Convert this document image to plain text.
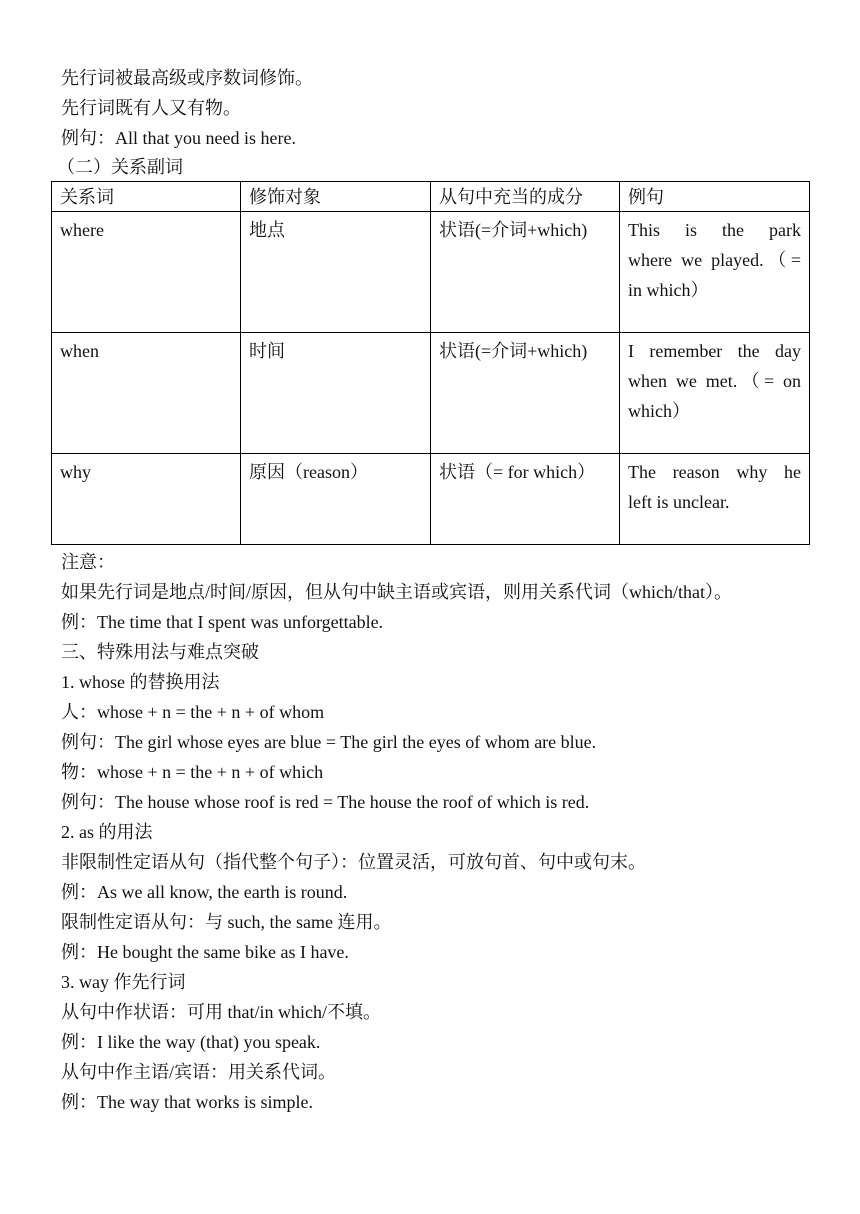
先行词被最高级或序数词修饰。
先行词既有人又有物。
例句：All that you need is here.
（二）关系副词
关系词	修饰对象	从句中充当的成分	例句
where	地点	状语(=介词+which)	This is the park
where we played.（= in which）

when	时间	状语(=介词+which)	I remember the day
when we met.（= on which）

why	原因（reason）	状语（= for which）	The reason why he
left is unclear.
注意：
如果先行词是地点/时间/原因，但从句中缺主语或宾语，则用关系代词（which/that）。
例：The time that I spent was unforgettable.
三、特殊用法与难点突破
1. whose 的替换用法
人：whose + n = the + n + of whom
例句：The girl whose eyes are blue = The girl the eyes of whom are blue.
物：whose + n = the + n + of which
例句：The house whose roof is red = The house the roof of which is red.
2. as 的用法
非限制性定语从句（指代整个句子）：位置灵活，可放句首、句中或句末。
例：As we all know, the earth is round.
限制性定语从句：与 such, the same 连用。
例：He bought the same bike as I have.
3. way 作先行词
从句中作状语：可用 that/in which/不填。
例：I like the way (that) you speak.
从句中作主语/宾语：用关系代词。
例：The way that works is simple.
